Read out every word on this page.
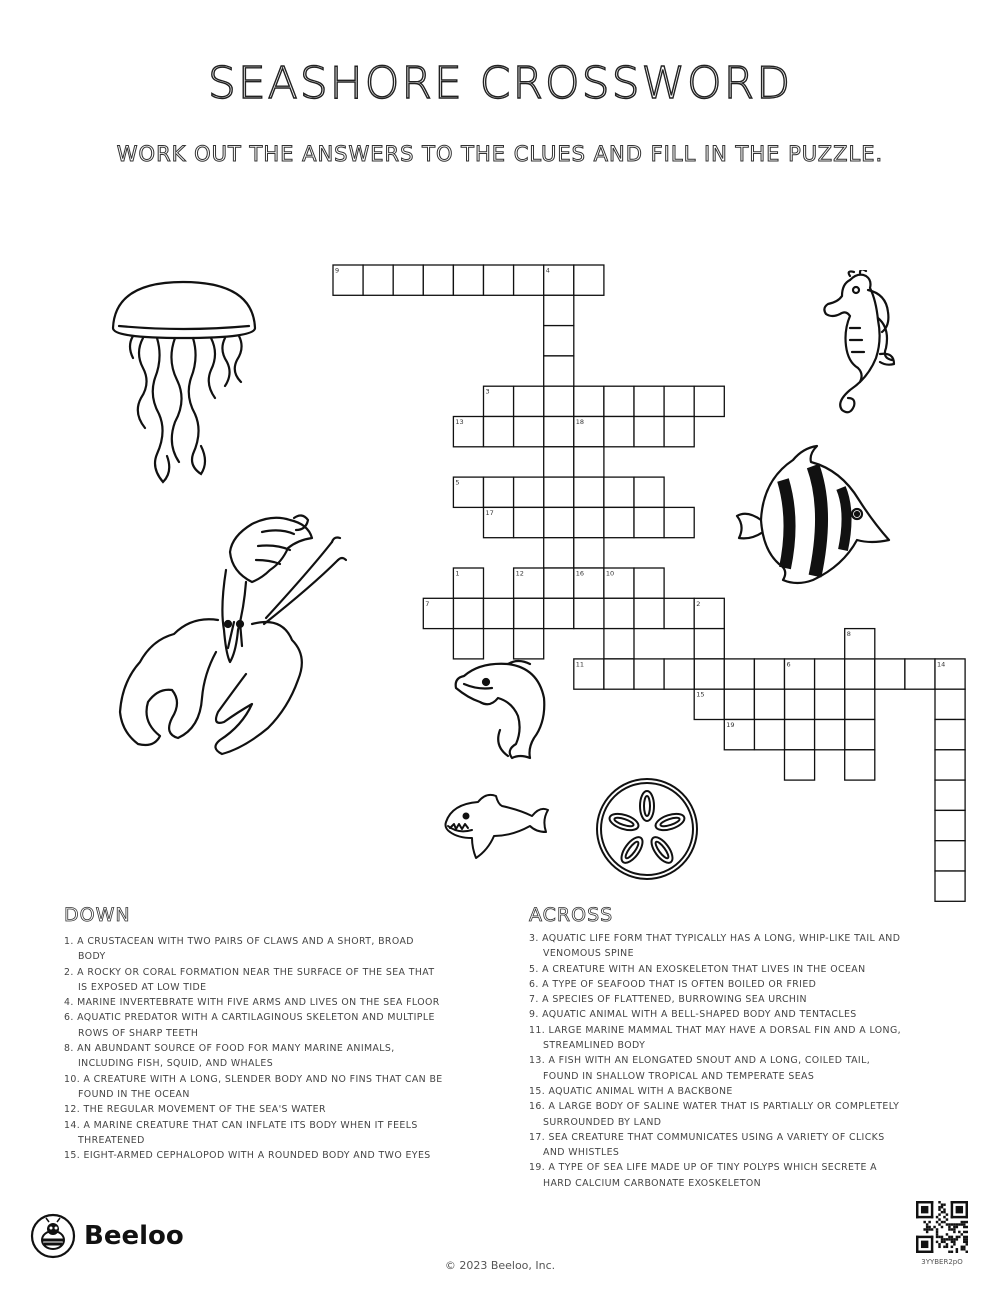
SEASHORE CROSSWORD
WORK OUT THE ANSWERS TO THE CLUES AND FILL IN THE PUZZLE.
9	4
3
13	18
5
17
1	12	16	10
7	2
8
11	6	14
15
19
DOWN
1. A CRUSTACEAN WITH TWO PAIRS OF CLAWS AND A SHORT, BROAD BODY
2. A ROCKY OR CORAL FORMATION NEAR THE SURFACE OF THE SEA THAT IS EXPOSED AT LOW TIDE
4. MARINE INVERTEBRATE WITH FIVE ARMS AND LIVES ON THE SEA FLOOR
6. AQUATIC PREDATOR WITH A CARTILAGINOUS SKELETON AND MULTIPLE ROWS OF SHARP TEETH
8. AN ABUNDANT SOURCE OF FOOD FOR MANY MARINE ANIMALS, INCLUDING FISH, SQUID, AND WHALES
10. A CREATURE WITH A LONG, SLENDER BODY AND NO FINS THAT CAN BE FOUND IN THE OCEAN
12. THE REGULAR MOVEMENT OF THE SEA'S WATER
14. A MARINE CREATURE THAT CAN INFLATE ITS BODY WHEN IT FEELS THREATENED
15. EIGHT-ARMED CEPHALOPOD WITH A ROUNDED BODY AND TWO EYES
ACROSS
3. AQUATIC LIFE FORM THAT TYPICALLY HAS A LONG, WHIP-LIKE TAIL AND VENOMOUS SPINE
5. A CREATURE WITH AN EXOSKELETON THAT LIVES IN THE OCEAN
6. A TYPE OF SEAFOOD THAT IS OFTEN BOILED OR FRIED
7. A SPECIES OF FLATTENED, BURROWING SEA URCHIN
9. AQUATIC ANIMAL WITH A BELL-SHAPED BODY AND TENTACLES
11. LARGE MARINE MAMMAL THAT MAY HAVE A DORSAL FIN AND A LONG, STREAMLINED BODY
13. A FISH WITH AN ELONGATED SNOUT AND A LONG, COILED TAIL, FOUND IN SHALLOW TROPICAL AND TEMPERATE SEAS
15. AQUATIC ANIMAL WITH A BACKBONE
16. A LARGE BODY OF SALINE WATER THAT IS PARTIALLY OR COMPLETELY SURROUNDED BY LAND
17. SEA CREATURE THAT COMMUNICATES USING A VARIETY OF CLICKS AND WHISTLES
19. A TYPE OF SEA LIFE MADE UP OF TINY POLYPS WHICH SECRETE A HARD CALCIUM CARBONATE EXOSKELETON
Beeloo
© 2023 Beeloo, Inc.	3YYBER2pO
